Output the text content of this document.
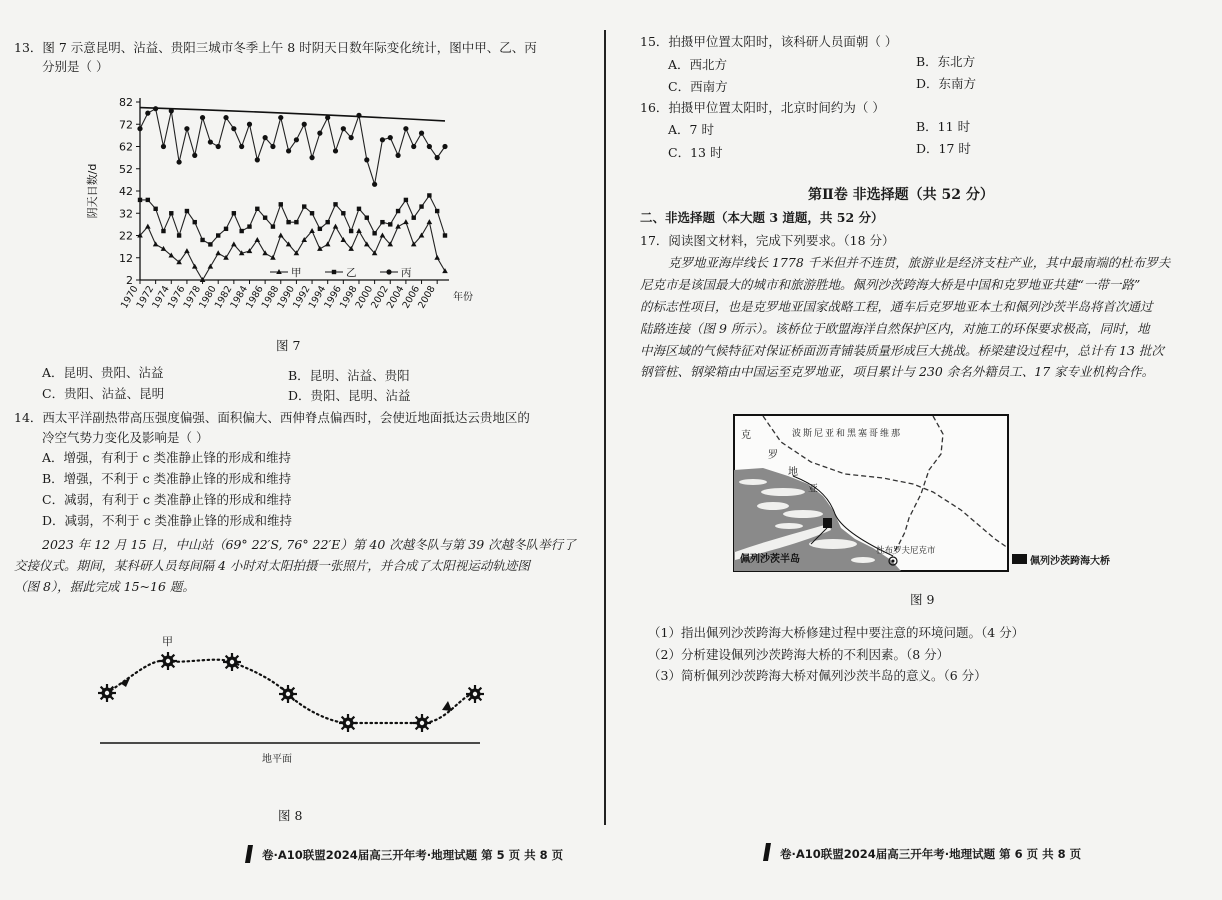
13．图 7 示意昆明、沾益、贵阳三城市冬季上午 8 时阴天日数年际变化统计，图中甲、乙、丙
分别是（ ）
2
12
22
32
42
52
62
72
82
1970
1972
1974
1976
1978
1980
1982
1984
1986
1988
1990
1992
1994
1996
1998
2000
2002
2004
2006
2008 年份
阴天日数/d
甲	乙	丙
图 7
A．昆明、贵阳、沾益	B．昆明、沾益、贵阳
C．贵阳、沾益、昆明	D．贵阳、昆明、沾益
14．西太平洋副热带高压强度偏强、面积偏大、西伸脊点偏西时，会使近地面抵达云贵地区的
冷空气势力变化及影响是（ ）
A．增强，有利于 c 类准静止锋的形成和维持
B．增强，不利于 c 类准静止锋的形成和维持
C．减弱，有利于 c 类准静止锋的形成和维持
D．减弱，不利于 c 类准静止锋的形成和维持
2023 年 12 月 15 日，中山站（69° 22′S, 76° 22′E）第 40 次越冬队与第 39 次越冬队举行了
交接仪式。期间，某科研人员每间隔 4 小时对太阳拍摄一张照片，并合成了太阳视运动轨迹图
（图 8），据此完成 15~16 题。
甲
地平面
图 8
卷·A10联盟2024届高三开年考·地理试题 第 5 页 共 8 页
15．拍摄甲位置太阳时，该科研人员面朝（ ）
A．西北方	B．东北方
C．西南方	D．东南方
16．拍摄甲位置太阳时，北京时间约为（ ）
A．7 时	B．11 时
C．13 时	D．17 时
第Ⅱ卷 非选择题（共 52 分）
二、非选择题（本大题 3 道题，共 52 分）
17．阅读图文材料，完成下列要求。（18 分）
克罗地亚海岸线长 1778 千米但并不连贯，旅游业是经济支柱产业，其中最南端的杜布罗夫
尼克市是该国最大的城市和旅游胜地。佩列沙茨跨海大桥是中国和克罗地亚共建“一带一路”
的标志性项目，也是克罗地亚国家战略工程，通车后克罗地亚本土和佩列沙茨半岛将首次通过
陆路连接（图 9 所示）。该桥位于欧盟海洋自然保护区内，对施工的环保要求极高，同时，地
中海区域的气候特征对保证桥面沥青铺装质量形成巨大挑战。桥梁建设过程中，总计有 13 批次
钢管桩、钢梁箱由中国运至克罗地亚，项目累计与 230 余名外籍员工、17 家专业机构合作。
克	波斯尼亚和黑塞哥维那
罗
地
亚
佩列沙茨半岛
杜布罗夫尼克市
佩列沙茨跨海大桥
图 9
（1）指出佩列沙茨跨海大桥修建过程中要注意的环境问题。（4 分）
（2）分析建设佩列沙茨跨海大桥的不利因素。（8 分）
（3）简析佩列沙茨跨海大桥对佩列沙茨半岛的意义。（6 分）
卷·A10联盟2024届高三开年考·地理试题 第 6 页 共 8 页
